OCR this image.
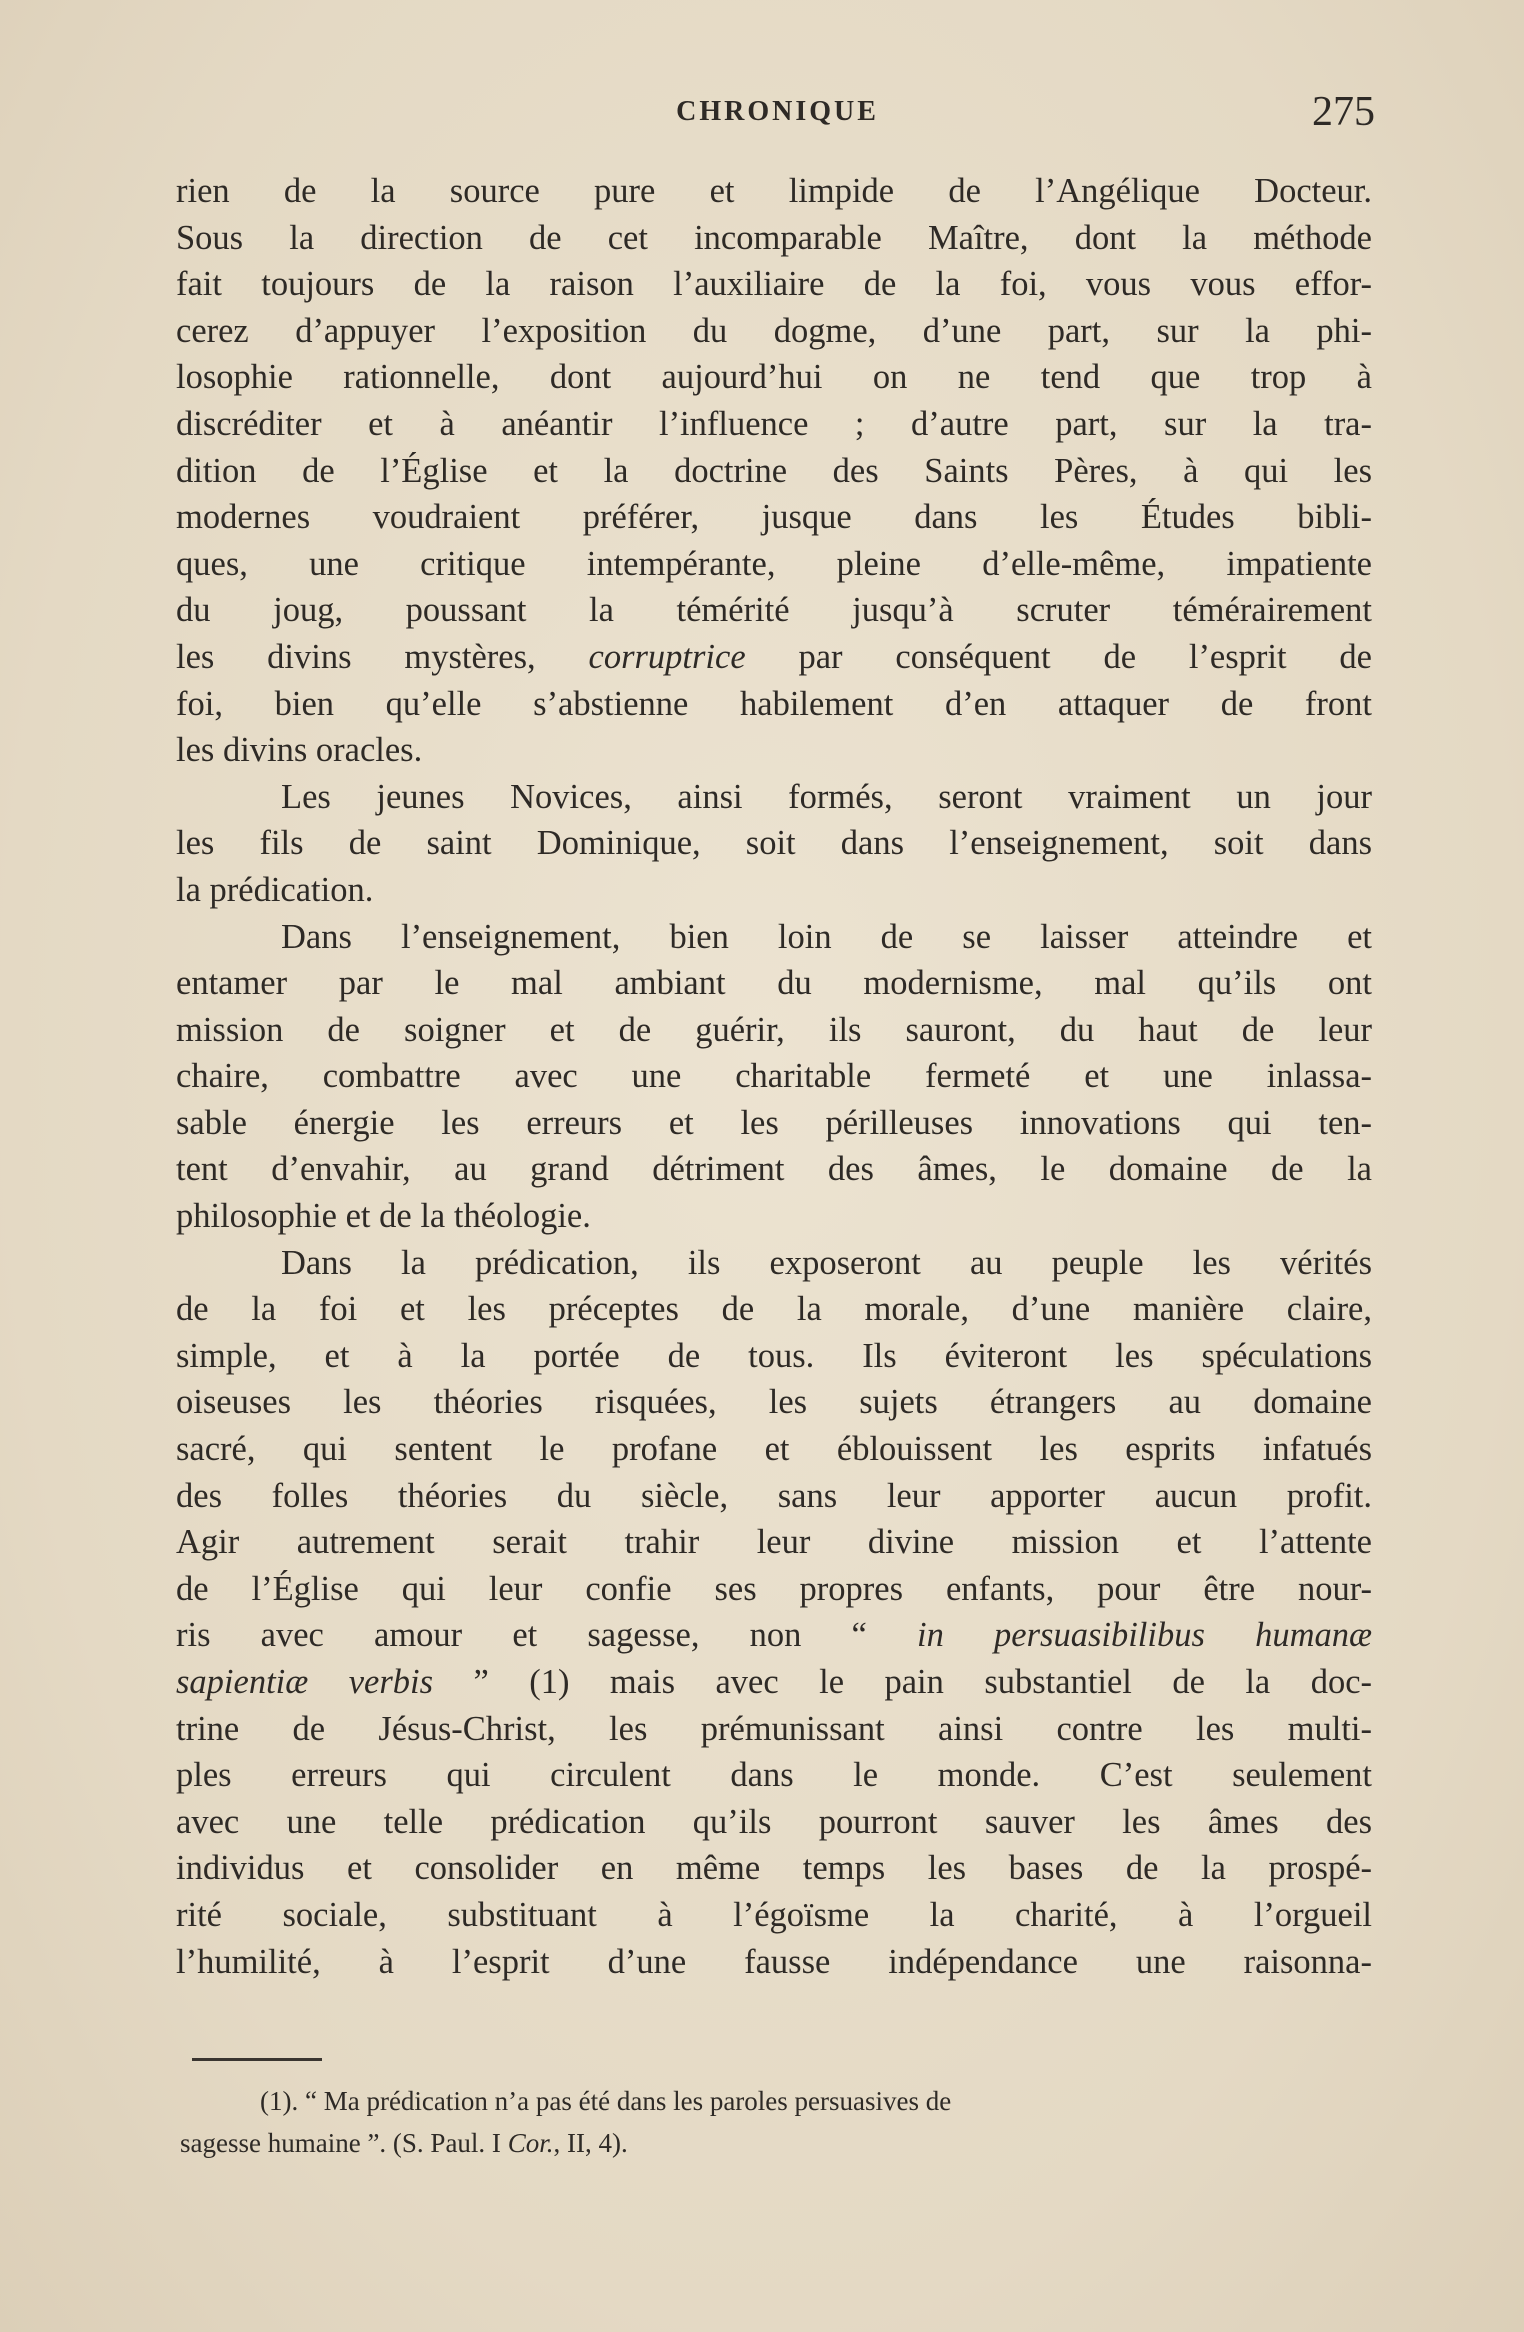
CHRONIQUE	275
rien de la source pure et limpide de l’Angélique Docteur.
Sous la direction de cet incomparable Maître, dont la méthode
fait toujours de la raison l’auxiliaire de la foi, vous vous effor-
cerez d’appuyer l’exposition du dogme, d’une part, sur la phi-
losophie rationnelle, dont aujourd’hui on ne tend que trop à
discréditer et à anéantir l’influence ; d’autre part, sur la tra-
dition de l’Église et la doctrine des Saints Pères, à qui les
modernes voudraient préférer, jusque dans les Études bibli-
ques, une critique intempérante, pleine d’elle-même, impatiente
du joug, poussant la témérité jusqu’à scruter témérairement
les divins mystères, corruptrice par conséquent de l’esprit de
foi, bien qu’elle s’abstienne habilement d’en attaquer de front
les divins oracles.
Les jeunes Novices, ainsi formés, seront vraiment un jour
les fils de saint Dominique, soit dans l’enseignement, soit dans
la prédication.
Dans l’enseignement, bien loin de se laisser atteindre et
entamer par le mal ambiant du modernisme, mal qu’ils ont
mission de soigner et de guérir, ils sauront, du haut de leur
chaire, combattre avec une charitable fermeté et une inlassa-
sable énergie les erreurs et les périlleuses innovations qui ten-
tent d’envahir, au grand détriment des âmes, le domaine de la
philosophie et de la théologie.
Dans la prédication, ils exposeront au peuple les vérités
de la foi et les préceptes de la morale, d’une manière claire,
simple, et à la portée de tous. Ils éviteront les spéculations
oiseuses les théories risquées, les sujets étrangers au domaine
sacré, qui sentent le profane et éblouissent les esprits infatués
des folles théories du siècle, sans leur apporter aucun profit.
Agir autrement serait trahir leur divine mission et l’attente
de l’Église qui leur confie ses propres enfants, pour être nour-
ris avec amour et sagesse, non “ in persuasibilibus humanæ
sapientiæ verbis ” (1) mais avec le pain substantiel de la doc-
trine de Jésus-Christ, les prémunissant ainsi contre les multi-
ples erreurs qui circulent dans le monde. C’est seulement
avec une telle prédication qu’ils pourront sauver les âmes des
individus et consolider en même temps les bases de la prospé-
rité sociale, substituant à l’égoïsme la charité, à l’orgueil
l’humilité, à l’esprit d’une fausse indépendance une raisonna-
(1). “ Ma prédication n’a pas été dans les paroles persuasives de
sagesse humaine ”. (S. Paul. I Cor., II, 4).
